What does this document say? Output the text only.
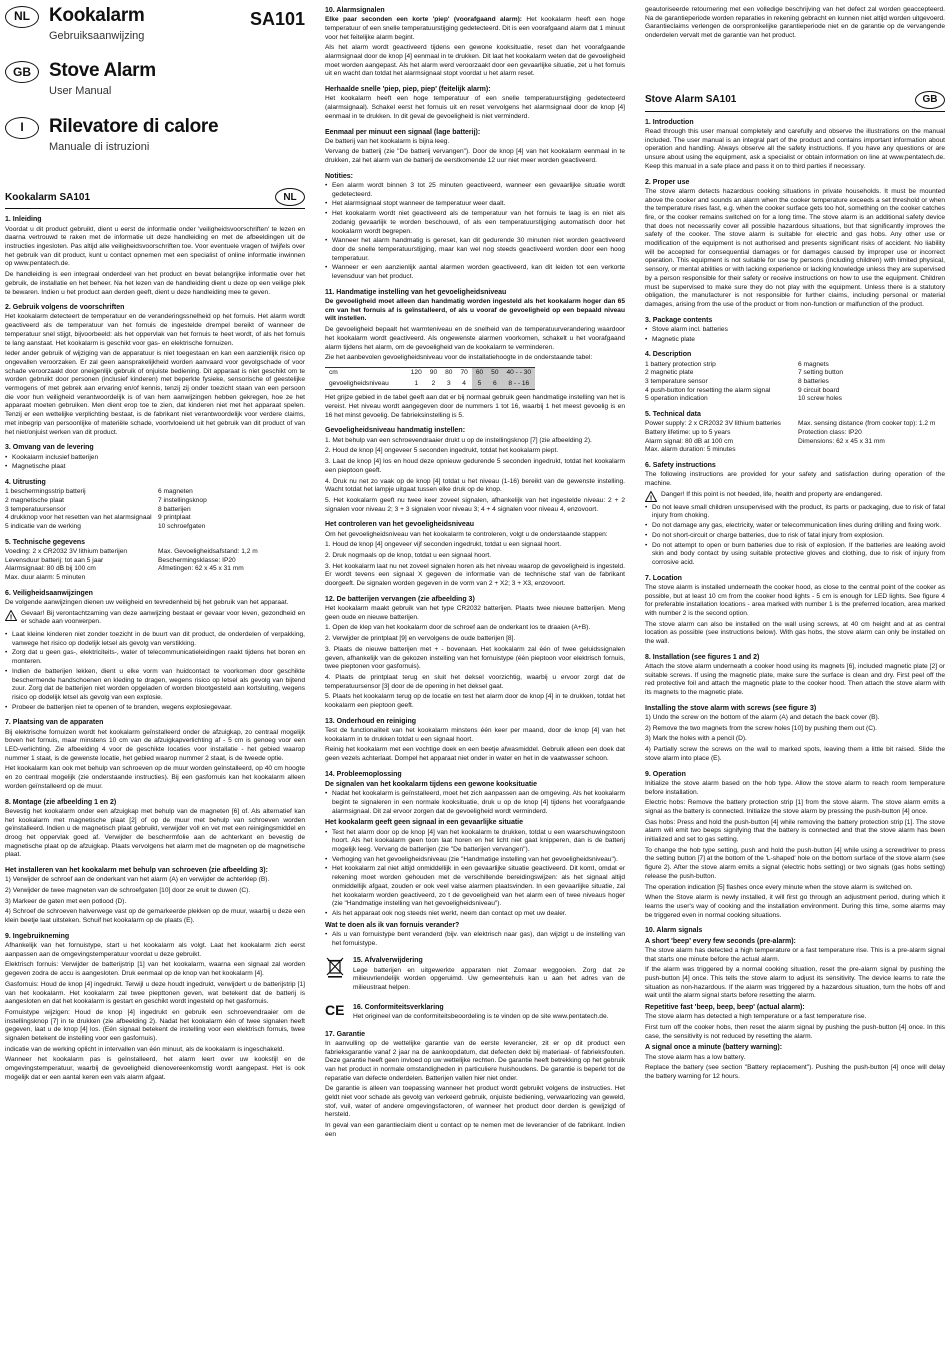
NL	Kookalarm
Gebruiksaanwijzing
SA101
GB Stove Alarm
User Manual
I	Rilevatore di calore
Manuale di istruzioni
Kookalarm SA101	NL
1. Inleiding

Voordat u dit product gebruikt, dient u eerst de informatie onder 'veiligheidsvoorschriften' te lezen en daarna vertrouwd te raken met de informatie uit deze handleiding en met de afbeeldingen uit de instructies ingesloten. Pas altijd alle veiligheidsvoorschriften toe. Voor eventuele vragen of twijfels over het gebruik van dit product, kunt u contact opnemen met een specialist of online informatie inwinnen op www.pentatech.de.

De handleiding is een integraal onderdeel van het product en bevat belangrijke informatie over het gebruik, de installatie en het beheer. Na het lezen van de handleiding dient u deze op een veilige plek te bewaren. Indien u het product aan derden geeft, dient u deze handleiding mee te geven.

2. Gebruik volgens de voorschriften

Het kookalarm detecteert de temperatuur en de veranderingssnelheid op het fornuis. Het alarm wordt geactiveerd als de temperatuur van het fornuis de ingestelde drempel bereikt of wanneer de temperatuur snel stijgt, bijvoorbeeld: als het oppervlak van het fornuis te heet wordt, of als het fornuis te lang aanstaat. Het kookalarm is geschikt voor gas- en elektrische fornuizen.

Ieder ander gebruik of wijziging van de apparatuur is niet toegestaan en kan een aanzienlijk risico op ongevallen veroorzaken. Er zal geen aansprakelijkheid worden aanvaard voor gevolgschade of voor schade veroorzaakt door oneigenlijk gebruik of onjuiste bediening. Dit apparaat is niet geschikt om te worden gebruikt door personen (inclusief kinderen) met beperkte fysieke, sensorische of geestelijke vermogens of met gebrek aan ervaring en/of kennis, tenzij zij onder toezicht staan van een persoon die voor hun veiligheid verantwoordelijk is of van hem aanwijzingen hebben gekregen, hoe ze het apparaat moeten gebruiken. Men dient erop toe te zien, dat kinderen niet met het apparaat spelen. Tenzij er een wettelijke verplichting bestaat, is de fabrikant niet verantwoordelijk voor verdere claims, met inbegrip van persoonlijke of materiële schade, voortvloeiend uit het gebruik van dit product of van het niet/onjuist werken van dit product.

3. Omvang van de levering
• Kookalarm inclusief batterijen
• Magnetische plaat
4. Uitrusting
1 beschermingsstrip batterij	6 magneten
2 magnetische plaat	7 instellingsknop
3 temperatuursensor	8 batterijen
4 drukknop voor het resetten van het alarmsignaal 9 printplaat
5 indicatie van de werking	10 schroefgaten
5. Technische gegevens
Voeding: 2 x CR2032 3V lithium batterijen	Max. Gevoeligheidsafstand: 1,2 m
Levensduur batterij: tot aan 5 jaar	Beschermingsklasse: IP20
Alarmsignaal: 80 dB bij 100 cm	Afmetingen: 62 x 45 x 31 mm
Max. duur alarm: 5 minuten
6. Veiligheidsaanwijzingen

De volgende aanwijzingen dienen uw veiligheid en tevredenheid bij het gebruik van het apparaat.

!

Gevaar! Bij verontachtzaming van deze aanwijzing bestaat er gevaar voor leven, gezondheid en er schade aan voorwerpen.

• Laat kleine kinderen niet zonder toezicht in de buurt van dit product, de onderdelen of verpakking, vanwege het risico op dodelijk letsel als gevolg van verstikking.
• Zorg dat u geen gas-, elektriciteits-, water of telecommunicatieleidingen raakt tijdens het boren en monteren.
• Indien de batterijen lekken, dient u elke vorm van huidcontact te voorkomen door geschikte beschermende handschoenen en kleding te dragen, wegens risico op letsel als gevolg van bijtend zuur. Zorg dat de batterijen niet worden opgeladen of worden blootgesteld aan kortsluiting, wegens risico op dodelijk letsel als gevolg van een explosie.
• Probeer de batterijen niet te openen of te branden, wegens explosiegevaar.
7. Plaatsing van de apparaten

Bij elektrische fornuizen wordt het kookalarm geïnstalleerd onder de afzuigkap, zo centraal mogelijk boven het fornuis, maar minstens 10 cm van de afzuigkapverlichting af - 5 cm is genoeg voor een LED-verlichting. Zie afbeelding 4 voor de geschikte locaties voor installatie - het gebied waarop nummer 1 staat, is de gewenste locatie, het gebied waarop nummer 2 staat, is de tweede optie.

Het kookalarm kan ook met behulp van schroeven op de muur worden geïnstalleerd, op 40 cm hoogte en zo centraal mogelijk (zie onderstaande instructies). Bij een gasfornuis kan het kookalarm alleen worden geïnstalleerd op de muur.

8. Montage (zie afbeelding 1 en 2)

Bevestig het kookalarm onder een afzuigkap met behulp van de magneten [6] of. Als alternatief kan het kookalarm met magnetische plaat [2] of op de muur met behulp van schroeven worden geïnstalleerd. Indien u de magnetisch plaat gebruikt, verwijder voll en vet met een reinigingsmiddel en droog het oppervlak goed af. Verwijder de beschermfolie aan de achterkant en bevestig de magnetische plaat op de afzuigkap. Plaats vervolgens het alarm met de magneten op de magnetische plaat.

Het installeren van het kookalarm met behulp van schroeven (zie afbeelding 3):

1) Verwijder de schroef aan de onderkant van het alarm (A) en verwijder de achterklep (B).

2) Verwijder de twee magneten van de schroefgaten [10] door ze eruit te duwen (C).

3) Markeer de gaten met een potlood (D).

4) Schroef de schroeven halverwege vast op de gemarkeerde plekken op de muur, waarbij u deze een klein beetje laat uitsteken. Schuif het kookalarm op de plaats (E).

9. Ingebruikneming

Afhankelijk van het fornuistype, start u het kookalarm als volgt. Laat het kookalarm zich eerst aanpassen aan de omgevingstemperatuur voordat u deze gebruikt.

Elektrisch fornuis: Verwijder de batterijstrip [1] van het kookalarm, waarna een signaal zal worden gegeven zodra de accu is aangesloten. Druk eenmaal op de knop van het kookalarm [4].

Gasfornuis: Houd de knop [4] ingedrukt. Terwijl u deze houdt ingedrukt, verwijdert u de batterijstrip [1] van het kookalarm. Het kookalarm zal twee piepttonen geven, wat betekent dat de batterij is aangesloten en dat het kookalarm is gestart en geschikt wordt ingesteld op het gasfornuis.

Fornuistype wijzigen: Houd de knop [4] ingedrukt en gebruik een schroevendraaier om de instellingsknop [7] in te drukken (zie afbeelding 2). Nadat het kookalarm één of twee signalen heeft gegeven, laat u de knop [4] los. (Eén signaal betekent de instelling voor een elektrisch fornuis, twee signalen betekent de instelling voor een gasfornuis).

indicatie van de werking oplicht in intervallen van één minuut, als de kookalarm is ingeschakeld.

Wanneer het kookalarm pas is geïnstalleerd, het alarm leert over uw kookstijl en de omgevingstemperatuur, waarbij de gevoeligheid dienovereenkomstig wordt aangepast. Het is ook mogelijk dat er een aantal keren een vals alarm afgaat.

10. Alarmsignalen

Elke paar seconden een korte 'piep' (voorafgaand alarm): Het kookalarm heeft een hoge temperatuur of een snelle temperatuurstijging gedetecteerd. Dit is een voorafgaand alarm dat 1 minuut voor het feitelijke alarm begint.

Als het alarm wordt geactiveerd tijdens een gewone kooksituatie, reset dan het voorafgaande alarmsignaal door de knop [4] eenmaal in te drukken. Dit laat het kookalarm weten dat de gevoeligheid moet worden aangepast. Als het alarm werd veroorzaakt door een gevaarlijke situatie, zet u het fornuis uit en wacht dan totdat het alarmsignaal stopt voordat u het alarm reset.

Herhaalde snelle 'piep, piep, piep' (feitelijk alarm):

Het kookalarm heeft een hoge temperatuur of een snelle temperatuurstijging gedetecteerd (alarmsignaal). Schakel eerst het fornuis uit en reset vervolgens het alarmsignaal door de knop [4] eenmaal in te drukken. In dit geval de gevoeligheid is niet verminderd.

Eenmaal per minuut een signaal (lage batterij):

De batterij van het kookalarm is bijna leeg.

Vervang de batterij (zie "De batterij vervangen"). Door de knop [4] van het kookalarm eenmaal in te drukken, zal het alarm van de batterij de eerstkomende 12 uur niet meer worden geactiveerd.

Notities:
• Een alarm wordt binnen 3 tot 25 minuten geactiveerd, wanneer een gevaarlijke situatie wordt gedetecteerd.
• Het alarmsignaal stopt wanneer de temperatuur weer daalt.
• Het kookalarm wordt niet geactiveerd als de temperatuur van het fornuis te laag is en niet als zodanig gevaarlijk te worden beschouwd, of als een temperatuurstijging automatisch door het kookalarm wordt begrepen.
• Wanneer het alarm handmatig is gereset, kan dit gedurende 30 minuten niet worden geactiveerd door de snelle temperatuurstijging, maar kan wel nog steeds geactiveerd worden door een hoog temperatuur.
• Wanneer er een aanzienlijk aantal alarmen worden geactiveerd, kan dit leiden tot een verkorte levensduur van het product.
11. Handmatige instelling van het gevoeligheidsniveau

De gevoeligheid moet alleen dan handmatig worden ingesteld als het kookalarm hoger dan 65 cm van het fornuis af is geïnstalleerd, of als u vooraf de gevoeligheid op een bepaald niveau wilt instellen.

De gevoeligheid bepaalt het warmteniveau en de snelheid van de temperatuurverandering waardoor het kookalarm wordt geactiveerd. Als ongewenste alarmen voorkomen, schakelt u het voorafgaand alarm tijdens het alarm, om de gevoeligheid van de kookalarm te verminderen.

Zie het aanbevolen gevoeligheidsniveau voor de installatiehoogte in de onderstaande tabel:

cm	120	90	80	70	60	50	40 - - 30
gevoeligheidsniveau	1	2	3	4	5	6	8 - - 16

Het grijze gebied in de tabel geeft aan dat er bij normaal gebruik geen handmatige instelling van het is vereist. Het niveau wordt aangegeven door de nummers 1 tot 16, waarbij 1 het meest gevoelig is en 16 het minst gevoelig. De fabrieksinstelling is 5.

Gevoeligheidsniveau handmatig instellen:

1. Met behulp van een schroevendraaier drukt u op de instellingsknop [7] (zie afbeelding 2).

2. Houd de knop [4] ongeveer 5 seconden ingedrukt, totdat het kookalarm piept.

3. Laat de knop [4] los en houd deze opnieuw gedurende 5 seconden ingedrukt, totdat het kookalarm een pieptoon geeft.

4. Druk nu net zo vaak op de knop [4] totdat u het niveau (1-16) bereikt van de gewenste instelling. Wacht totdat het lampje uitgaat tussen elke druk op de knop.

5. Het kookalarm geeft nu twee keer zoveel signalen, afhankelijk van het ingestelde niveau: 2 + 2 signalen voor niveau 2; 3 + 3 signalen voor niveau 3; 4 + 4 signalen voor niveau 4, enzovoort.

Het controleren van het gevoeligheidsniveau

Om het gevoeligheidsniveau van het kookalarm te controleren, volgt u de onderstaande stappen:

1. Houd de knop [4] ongeveer vijf seconden ingedrukt, totdat u een signaal hoort.

2. Druk nogmaals op de knop, totdat u een signaal hoort.

3. Het kookalarm laat nu net zoveel signalen horen als het niveau waarop de gevoeligheid is ingesteld. Er wordt tevens een signaal X gegeven de informatie van de technische staf van de fabrikant doorgeeft. De signalen worden gegeven in de vorm van 2 + X2; 3 + X3, enzovoort.

12. De batterijen vervangen (zie afbeelding 3)

Het kookalarm maakt gebruik van het type CR2032 batterijen. Plaats twee nieuwe batterijen. Meng geen oude en nieuwe batterijen.

1. Open de klep van het kookalarm door de schroef aan de onderkant los te draaien (A+B).

2. Verwijder de printplaat [9] en vervolgens de oude batterijen [8].

3. Plaats de nieuwe batterijen met + - bovenaan. Het kookalarm zal één of twee geluidssignalen geven, afhankelijk van de gekozen instelling van het fornuistype (één pieptoon voor elektrisch fornuis, twee pieptonen voor gasfornuis).

4. Plaats de printplaat terug en sluit het deksel voorzichtig, waarbij u ervoor zorgt dat de temperatuursensor [3] door de de opening in het deksel gaat.

5. Plaats het kookalarm terug op de locatie en test het alarm door de knop [4] in te drukken, totdat het kookalarm een pieptoon geeft.

13. Onderhoud en reiniging

Test de functionaliteit van het kookalarm minstens één keer per maand, door de knop [4] van het kookalarm in te drukken totdat u een signaal hoort.

Reinig het kookalarm met een vochtige doek en een beetje afwasmiddel. Gebruik alleen een doek dat geen vezels achterlaat. Dompel het apparaat niet onder in water en het in de vaatwasser schoon.

14. Probleemoplossing
De signalen van het kookalarm tijdens een gewone kooksituatie
• Nadat het kookalarm is geïnstalleerd, moet het zich aanpassen aan de omgeving. Als het kookalarm begint te signaleren in een normale kooksituatie, druk u op de knop [4] tijdens het voorafgaande alarmsignaal. Dit zal ervoor zorgen dat de gevoeligheid wordt verminderd.
Het kookalarm geeft geen signaal in een gevaarlijke situatie
• Test het alarm door op de knop [4] van het kookalarm te drukken, totdat u een waarschuwingstoon hoort. Als het kookalarm geen toon laat horen en het licht niet gaat knipperen, dan is de batterij mogelijk leeg. Vervang de batterijen (zie "De batterijen vervangen").
• Verhoging van het gevoeligheidsniveau (zie "Handmatige instelling van het gevoeligheidsniveau").
• Het kookalarm zal niet altijd onmiddellijk in een gevaarlijke situatie geactiveerd. Dit komt, omdat er rekening moet worden gehouden met de verschillende bereidingswijzen: als het signaal altijd onmiddellijk afgaat, zouden er ook veel valse alarmen plaatsvinden. In een gevaarlijke situatie, zal het kookalarm worden geactiveerd, zo t de gevoeligheid van het alarm een of twee niveaus hoger (zie "Handmatige instelling van het gevoeligheidsniveau").
• Als het apparaat ook nog steeds niet werkt, neem dan contact op met uw dealer.
Wat te doen als ik van fornuis verander?
• Als u van fornuistype bent veranderd (bijv. van elektrisch naar gas), dan wijzigt u de instelling van het fornuistype.
15. Afvalverwijdering

Lege batterijen en uitgewerkte apparaten niet Zomaar weggooien. Zorg dat ze milieuvriendelijk worden opgeruimd. Uw gemeentehuis kan u aan het adres van de milieustraat helpen.

CE 16. Conformiteitsverklaring

Het origineel van de conformiteitsbeoordeling is te vinden op de site www.pentatech.de.

17. Garantie

In aanvulling op de wettelijke garantie van de eerste leverancier, zit er op dit product een fabrieksgarantie vanaf 2 jaar na de aankoopdatum, dat defecten dekt bij materiaal- of fabrieksfouten. Deze garantie heeft geen invloed op uw wettelijke rechten. De garantie heeft betrekking op het gebruik van het product in normale omstandigheden in particuliere huishoudens. De garantie is beperkt tot de reparatie van defecte onderdelen. Batterijen vallen hier niet onder.

De garantie is alleen van toepassing wanneer het product wordt gebruikt volgens de instructies. Het geldt niet voor schade als gevolg van verkeerd gebruik, onjuiste bediening, verwaarlozing van geweld, stof, vuil, water of andere omgevingsfactoren, of wanneer het product door derden is gewijzigd of hersteld.

In geval van een garantieclaim dient u contact op te nemen met de leverancier of de fabrikant. Indien een

geautoriseerde retournering met een volledige beschrijving van het defect zal worden geaccepteerd. Na de garantieperiode worden reparaties in rekening gebracht en kunnen niet altijd worden uitgevoerd. Garantieclaims verlengen de oorspronkelijke garantieperiode niet en de garantie op de vervangende onderdelen vervalt met de garantie van het product.

Stove Alarm SA101	GB
1. Introduction

Read through this user manual completely and carefully and observe the illustrations on the manual included. The user manual is an integral part of the product and contains important information about operation and handling. Always observe all the safety instructions. If you have any questions or are unsure about using the equipment, ask a specialist or obtain information on line at www.pentatech.de. Keep this manual in a safe place and pass it on to third parties if necessary.

2. Proper use

The stove alarm detects hazardous cooking situations in private households. It must be mounted above the cooker and sounds an alarm when the cooker temperature exceeds a set threshold or when the temperature rises fast, e.g. when the cooker surface gets too hot, something on the cooker catches fire, or the cooker remains switched on for a long time. The stove alarm is an additional safety device that does not necessarily cover all possible hazardous situations, but that significantly improves the safety of the cooker. The stove alarm is suitable for electric and gas hobs. Any other use or modification of the equipment is not authorised and presents significant risks of accident. No liability will be accepted for consequential damages or for damages caused by improper use or incorrect operation. This equipment is not suitable for use by persons (including children) with limited physical, sensory, or mental abilities or with lacking experience or lacking knowledge unless they are supervised by a person responsible for their safety or receive instructions on how to use the equipment. Children must be supervised to make sure they do not play with the equipment. Unless there is a statutory obligation, the manufacturer is not responsible for further claims, including personal or material damages, arising from the use of the product or from non-function or malfunction of the product.

3. Package contents
• Stove alarm incl. batteries
• Magnetic plate
4. Description
1 battery protection strip	6 magnets
2 magnetic plate	7 setting button
3 temperature sensor	8 batteries
4 push-button for resetting the alarm signal	9 circuit board
5 operation indication	10 screw holes
5. Technical data
Power supply: 2 x CR2032 3V lithium batteries	Max. sensing distance (from cooker top): 1.2 m
Battery lifetime: up to 5 years	Protection class: IP20
Alarm signal: 80 dB at 100 cm	Dimensions: 62 x 45 x 31 mm
Max. alarm duration: 5 minutes
6. Safety instructions

The following instructions are provided for your safety and satisfaction during operation of the machine.

!

Danger! If this point is not heeded, life, health and property are endangered.

• Do not leave small children unsupervised with the product, its parts or packaging, due to risk of fatal injury from choking.
• Do not damage any gas, electricity, water or telecommunication lines during drilling and fixing work.
• Do not short-circuit or charge batteries, due to risk of fatal injury from explosion.
• Do not attempt to open or burn batteries due to risk of explosion. If the batteries are leaking avoid skin and body contact by using suitable protective gloves and clothing, due to risk of injury from corrosive acid.
7. Location

The stove alarm is installed underneath the cooker hood, as close to the central point of the cooker as possible, but at least 10 cm from the cooker hood lights - 5 cm is enough for LED lights. See figure 4 for preferable installation locations - area marked with number 1 is the preferred location, area marked with number 2 is the second option.

The stove alarm can also be installed on the wall using screws, at 40 cm height and at as central location as possible (see instructions below). With gas hobs, the stove alarm can only be installed on the wall.

8. Installation (see figures 1 and 2)

Attach the stove alarm underneath a cooker hood using its magnets [6], included magnetic plate [2] or suitable screws. If using the magnetic plate, make sure the surface is clean and dry. First peel off the red protective foil and attach the magnetic plate to the cooker hood. Then attach the stove alarm with its magnets to the magnetic plate.

Installing the stove alarm with screws (see figure 3)

1) Undo the screw on the bottom of the alarm (A) and detach the back cover (B).

2) Remove the two magnets from the screw holes [10] by pushing them out (C).

3) Mark the holes with a pencil (D).

4) Partially screw the screws on the wall to marked spots, leaving them a little bit raised. Slide the stove alarm into place (E).

9. Operation

Initialize the stove alarm based on the hob type. Allow the stove alarm to reach room temperature before installation.

Electric hobs: Remove the battery protection strip [1] from the stove alarm. The stove alarm emits a signal as the battery is connected. Initialize the stove alarm by pressing the push-button [4] once.

Gas hobs: Press and hold the push-button [4] while removing the battery protection strip [1]. The stove alarm will emit two beeps signifying that the battery is connected and that the stove alarm has been initialized and set to gas setting.

To change the hob type setting, push and hold the push-button [4] while using a screwdriver to press the setting button [7] at the bottom of the 'L-shaped' hole on the bottom surface of the stove alarm (see figure 2). After the stove alarm emits a signal (electric hobs setting) or two signals (gas hobs setting) release the push-button.

The operation indication [5] flashes once every minute when the stove alarm is switched on.

When the Stove alarm is newly installed, it will first go through an adjustment period, during which it learns the user's way of cooking and the installation environment. During this time, some alarms may be triggered even in normal cooking situations.

10. Alarm signals
A short 'beep' every few seconds (pre-alarm):

The stove alarm has detected a high temperature or a fast temperature rise. This is a pre-alarm signal that starts one minute before the actual alarm.

If the alarm was triggered by a normal cooking situation, reset the pre-alarm signal by pushing the push-button [4] once. This tells the stove alarm to adjust its sensitivity. The device learns to rate the situation as non-hazardous. If the alarm was triggered by a hazardous situation, turn the hobs off and wait until the alarm signal starts before resetting the alarm.

Repetitive fast 'beep, beep, beep' (actual alarm):

The stove alarm has detected a high temperature or a fast temperature rise.

First turn off the cooker hobs, then reset the alarm signal by pushing the push-button [4] once. In this case, the sensitivity is not reduced by resetting the alarm.

A signal once a minute (battery warning):

The stove alarm has a low battery.

Replace the battery (see section "Battery replacement"). Pushing the push-button [4] once will delay the battery warning for 12 hours.
